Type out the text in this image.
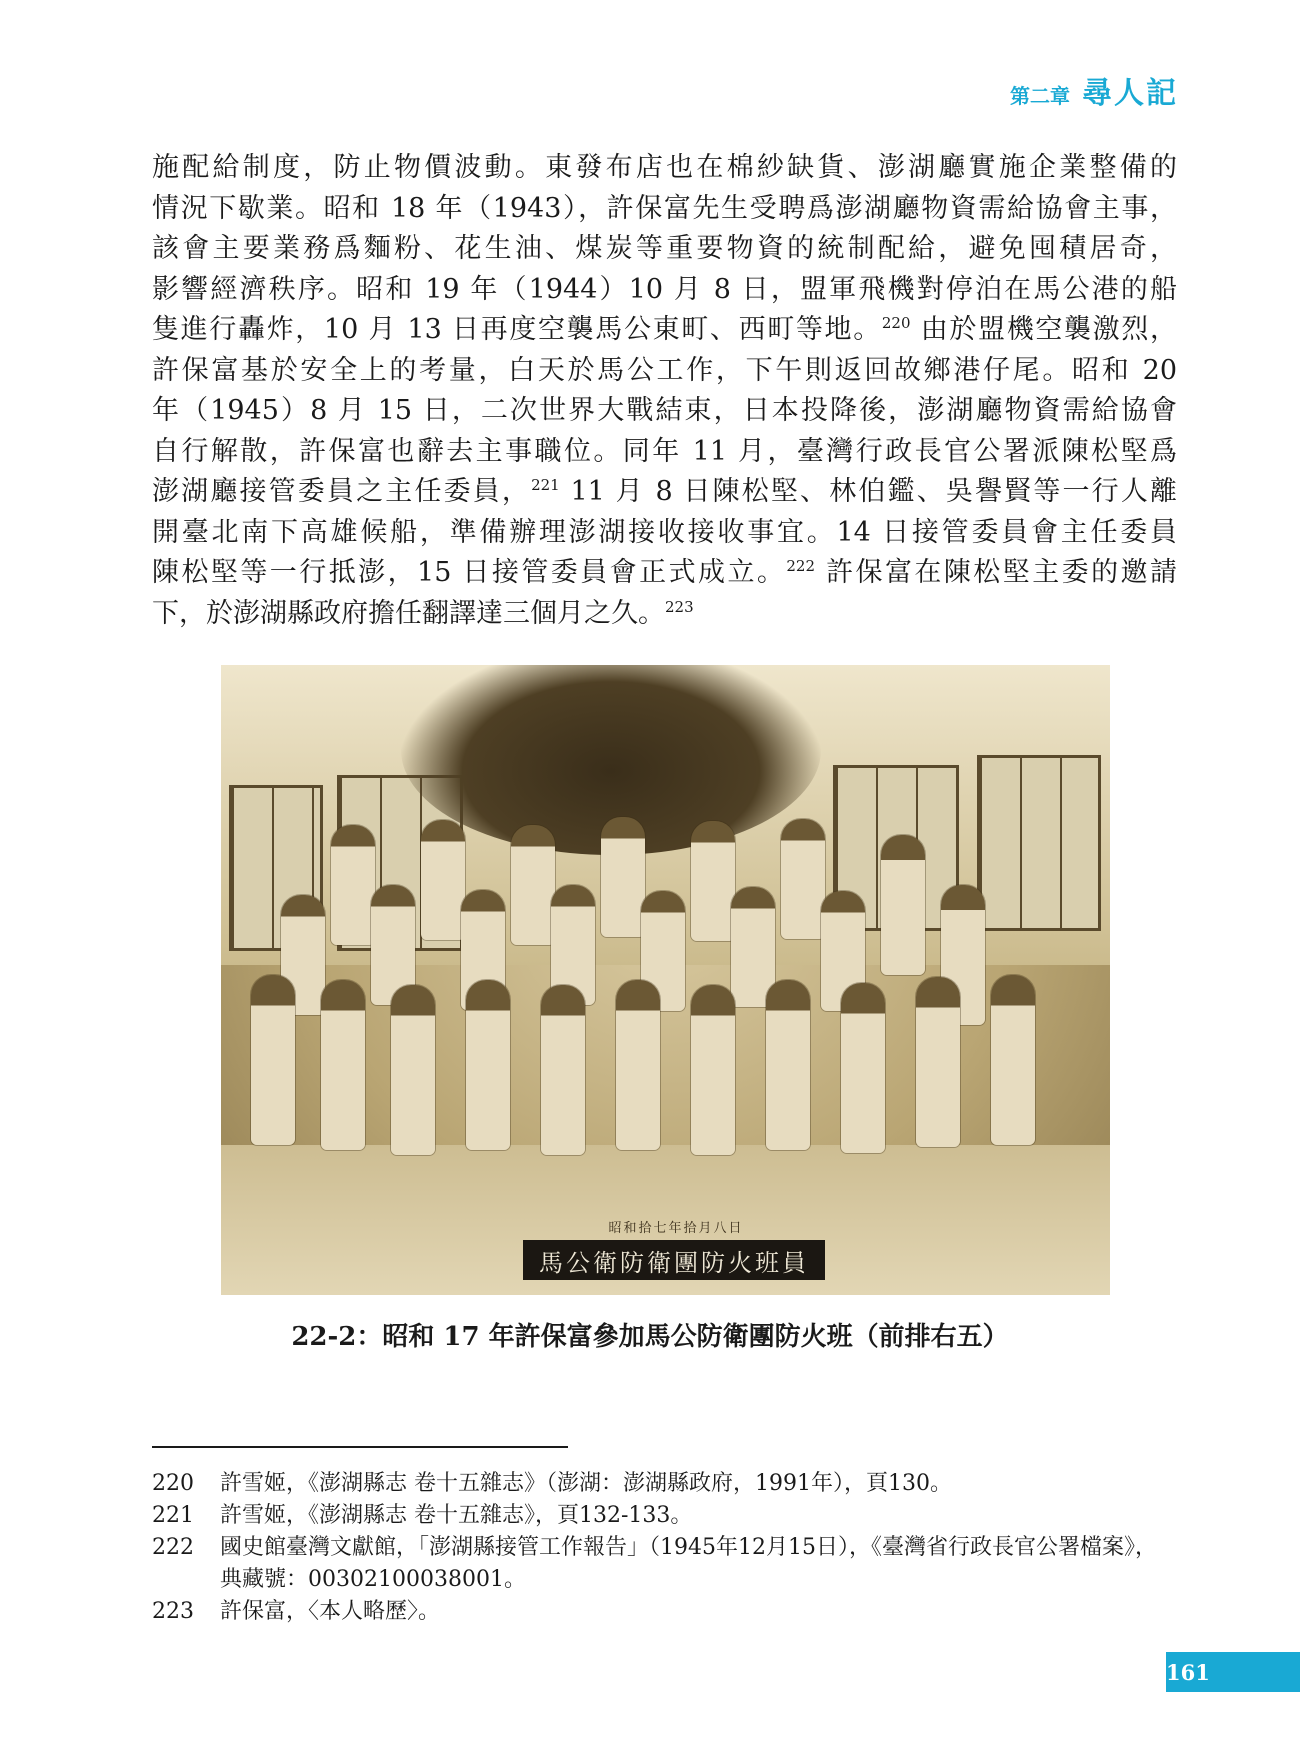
第二章 尋人記
施配給制度，防止物價波動。東發布店也在棉紗缺貨、澎湖廳實施企業整備的
情況下歇業。昭和 18 年（1943），許保富先生受聘爲澎湖廳物資需給協會主事，
該會主要業務爲麵粉、花生油、煤炭等重要物資的統制配給，避免囤積居奇，
影響經濟秩序。昭和 19 年（1944）10 月 8 日，盟軍飛機對停泊在馬公港的船
隻進行轟炸，10 月 13 日再度空襲馬公東町、西町等地。$^{220}$ 由於盟機空襲激烈，
許保富基於安全上的考量，白天於馬公工作，下午則返回故鄉港仔尾。昭和 20
年（1945）8 月 15 日，二次世界大戰結束，日本投降後，澎湖廳物資需給協會
自行解散，許保富也辭去主事職位。同年 11 月，臺灣行政長官公署派陳松堅爲
澎湖廳接管委員之主任委員，$^{221}$ 11 月 8 日陳松堅、林伯鑑、吳譽賢等一行人離
開臺北南下高雄候船，準備辦理澎湖接收接收事宜。14 日接管委員會主任委員
陳松堅等一行抵澎，15 日接管委員會正式成立。$^{222}$ 許保富在陳松堅主委的邀請
下，於澎湖縣政府擔任翻譯達三個月之久。$^{223}$
昭和拾七年拾月八日
馬公衛防衛團防火班員
22-2：昭和 17 年許保富參加馬公防衛團防火班（前排右五）
220	許雪姬，《澎湖縣志 卷十五雜志》（澎湖：澎湖縣政府，1991年），頁130。
221	許雪姬，《澎湖縣志 卷十五雜志》，頁132-133。
222	國史館臺灣文獻館，「澎湖縣接管工作報告」（1945年12月15日），《臺灣省行政長官公署檔案》，典藏號：00302100038001。
223	許保富，〈本人略歷〉。
161
